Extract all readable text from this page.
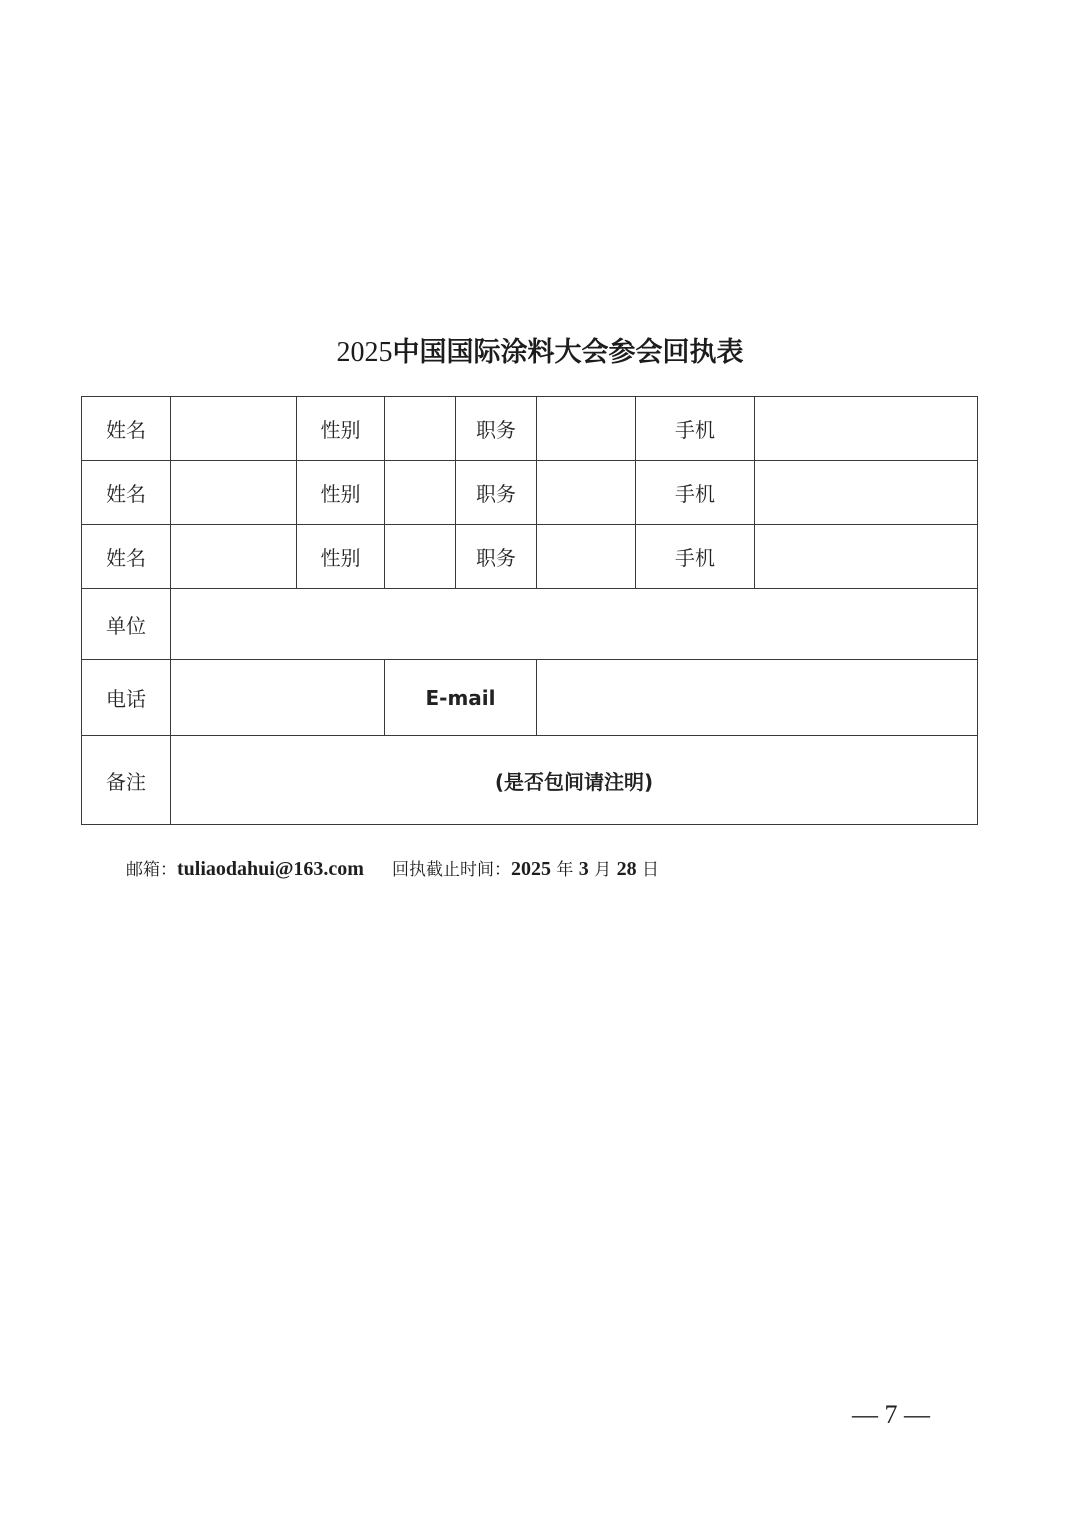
2025中国国际涂料大会参会回执表
姓名		性别		职务		手机	
姓名		性别		职务		手机	
姓名		性别		职务		手机	
单位							
电话			E-mail				
备注	(是否包间请注明)						
邮箱：tuliaodahui@163.com 回执截止时间：2025 年 3 月 28 日
— 7 —
